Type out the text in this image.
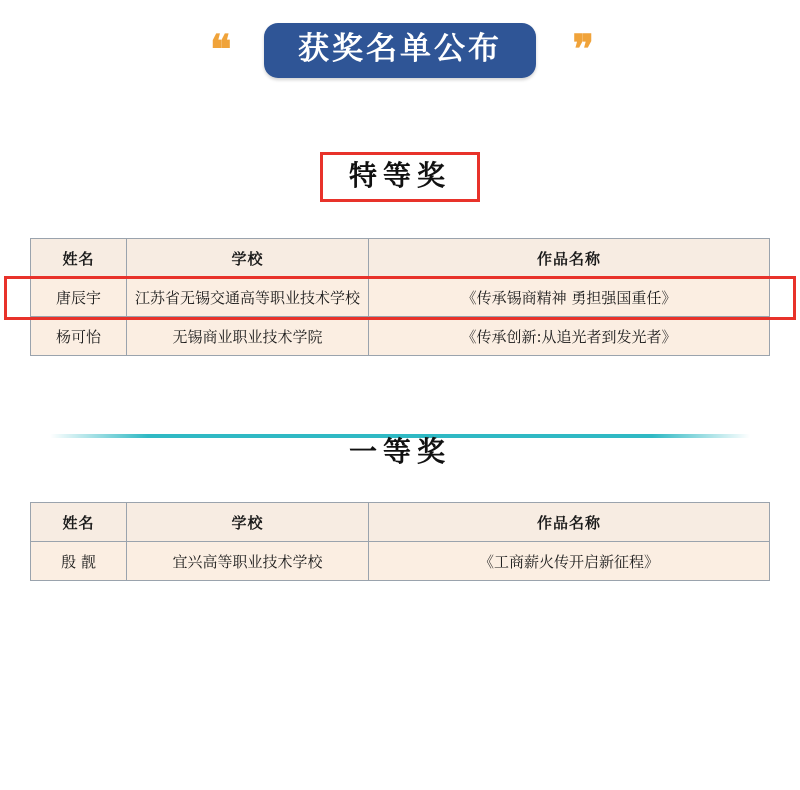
❝	获奖名单公布	❞
特等奖
姓名	学校	作品名称
唐辰宇	江苏省无锡交通高等职业技术学校	《传承锡商精神 勇担强国重任》
杨可怡	无锡商业职业技术学院	《传承创新:从追光者到发光者》
一等奖
姓名	学校	作品名称
殷 靓	宜兴高等职业技术学校	《工商薪火传开启新征程》
